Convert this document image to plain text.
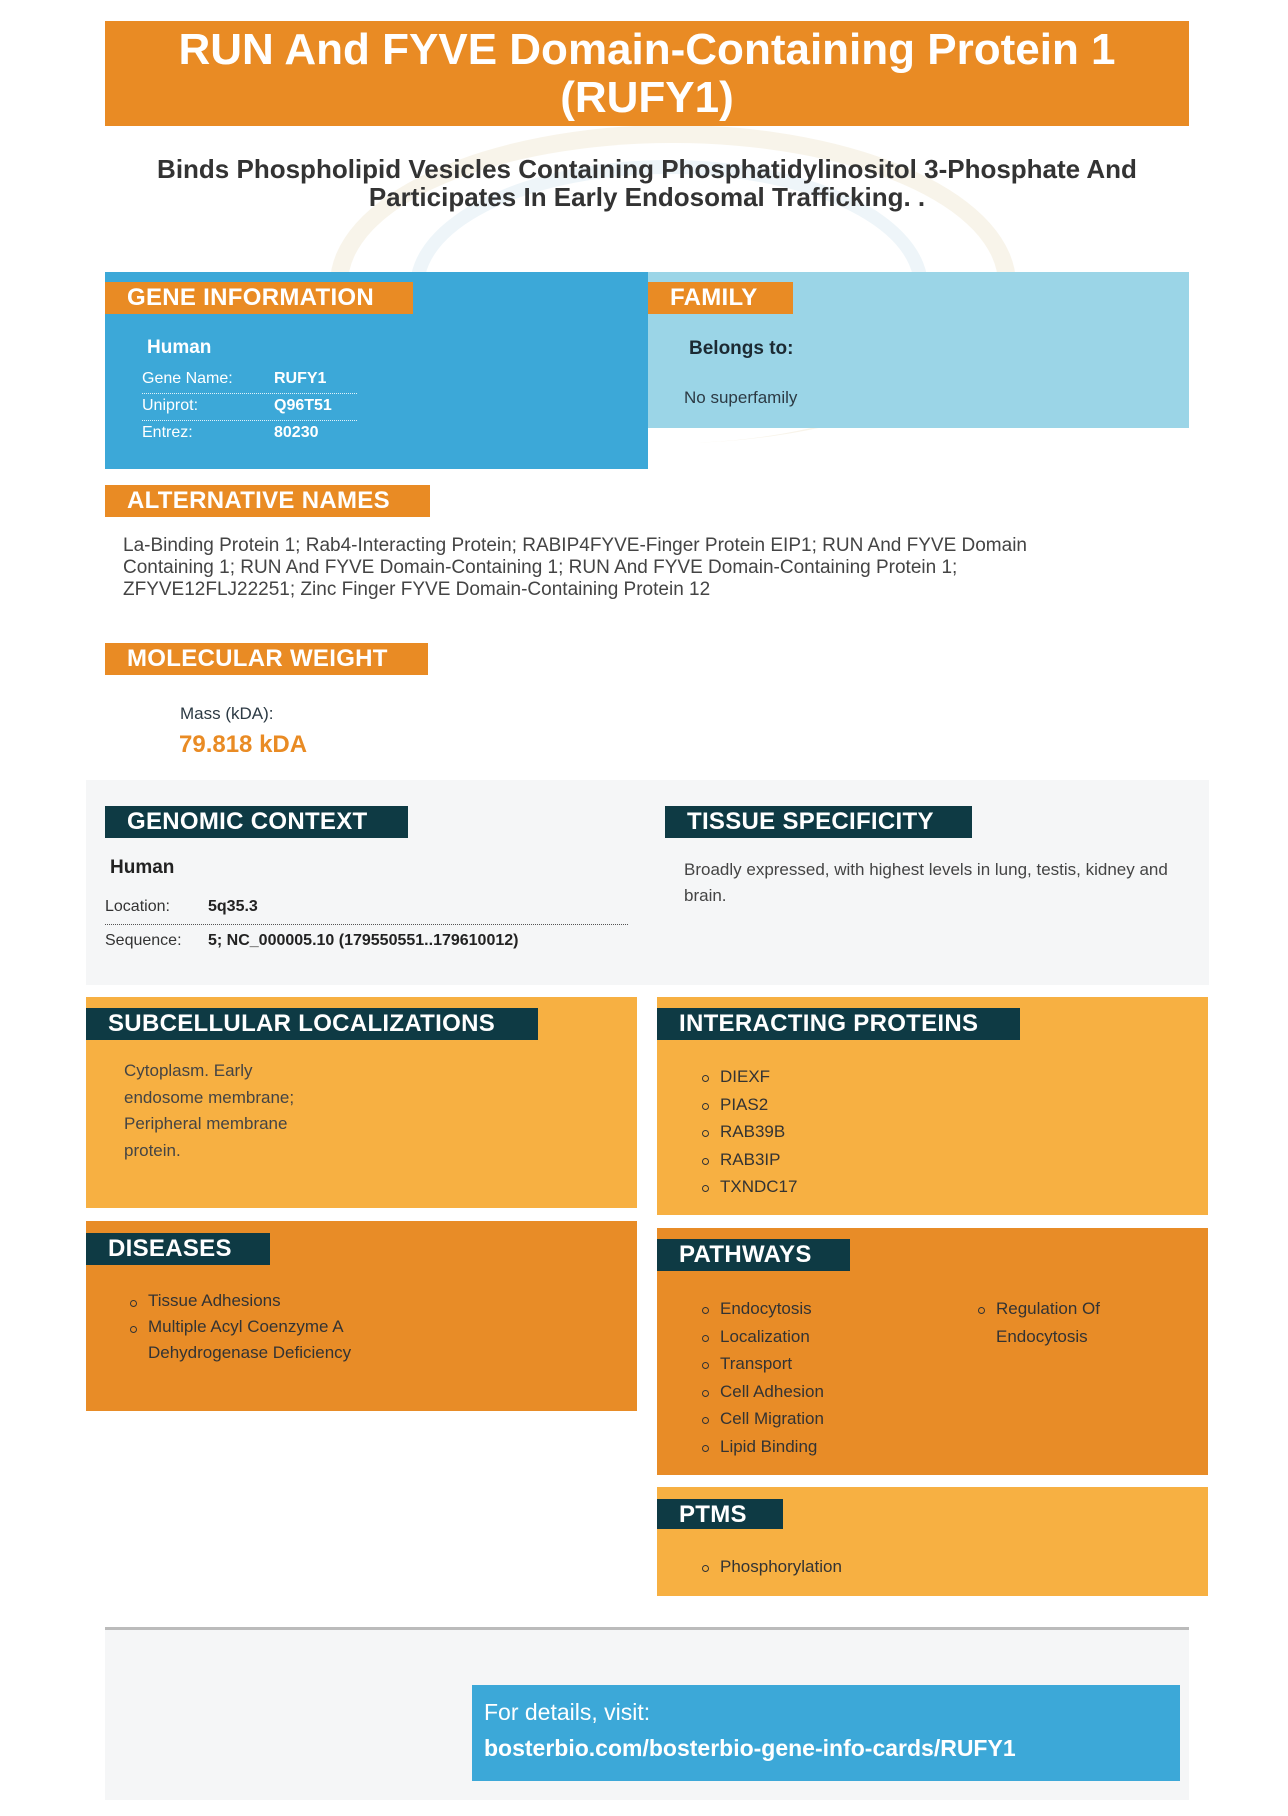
RUN And FYVE Domain-Containing Protein 1
(RUFY1)
Binds Phospholipid Vesicles Containing Phosphatidylinositol 3-Phosphate And Participates In Early Endosomal Trafficking. .
GENE INFORMATION
Human
Gene Name:	RUFY1
Uniprot:	Q96T51
Entrez:	80230
FAMILY
Belongs to:
No superfamily
ALTERNATIVE NAMES
La-Binding Protein 1; Rab4-Interacting Protein; RABIP4FYVE-Finger Protein EIP1; RUN And FYVE Domain Containing 1; RUN And FYVE Domain-Containing 1; RUN And FYVE Domain-Containing Protein 1; ZFYVE12FLJ22251; Zinc Finger FYVE Domain-Containing Protein 12
MOLECULAR WEIGHT
Mass (kDA):
79.818 kDA
GENOMIC CONTEXT
Human
Location: 5q35.3
Sequence: 5; NC_000005.10 (179550551..179610012)
TISSUE SPECIFICITY
Broadly expressed, with highest levels in lung, testis, kidney and brain.
SUBCELLULAR LOCALIZATIONS
Cytoplasm. Early endosome membrane; Peripheral membrane protein.
INTERACTING PROTEINS
DIEXF
PIAS2
RAB39B
RAB3IP
TXNDC17
DISEASES
Tissue Adhesions
Multiple Acyl Coenzyme A Dehydrogenase Deficiency
PATHWAYS
Endocytosis
Localization
Transport
Cell Adhesion
Cell Migration
Lipid Binding
Regulation Of Endocytosis
PTMS
Phosphorylation
For details, visit:
bosterbio.com/bosterbio-gene-info-cards/RUFY1
